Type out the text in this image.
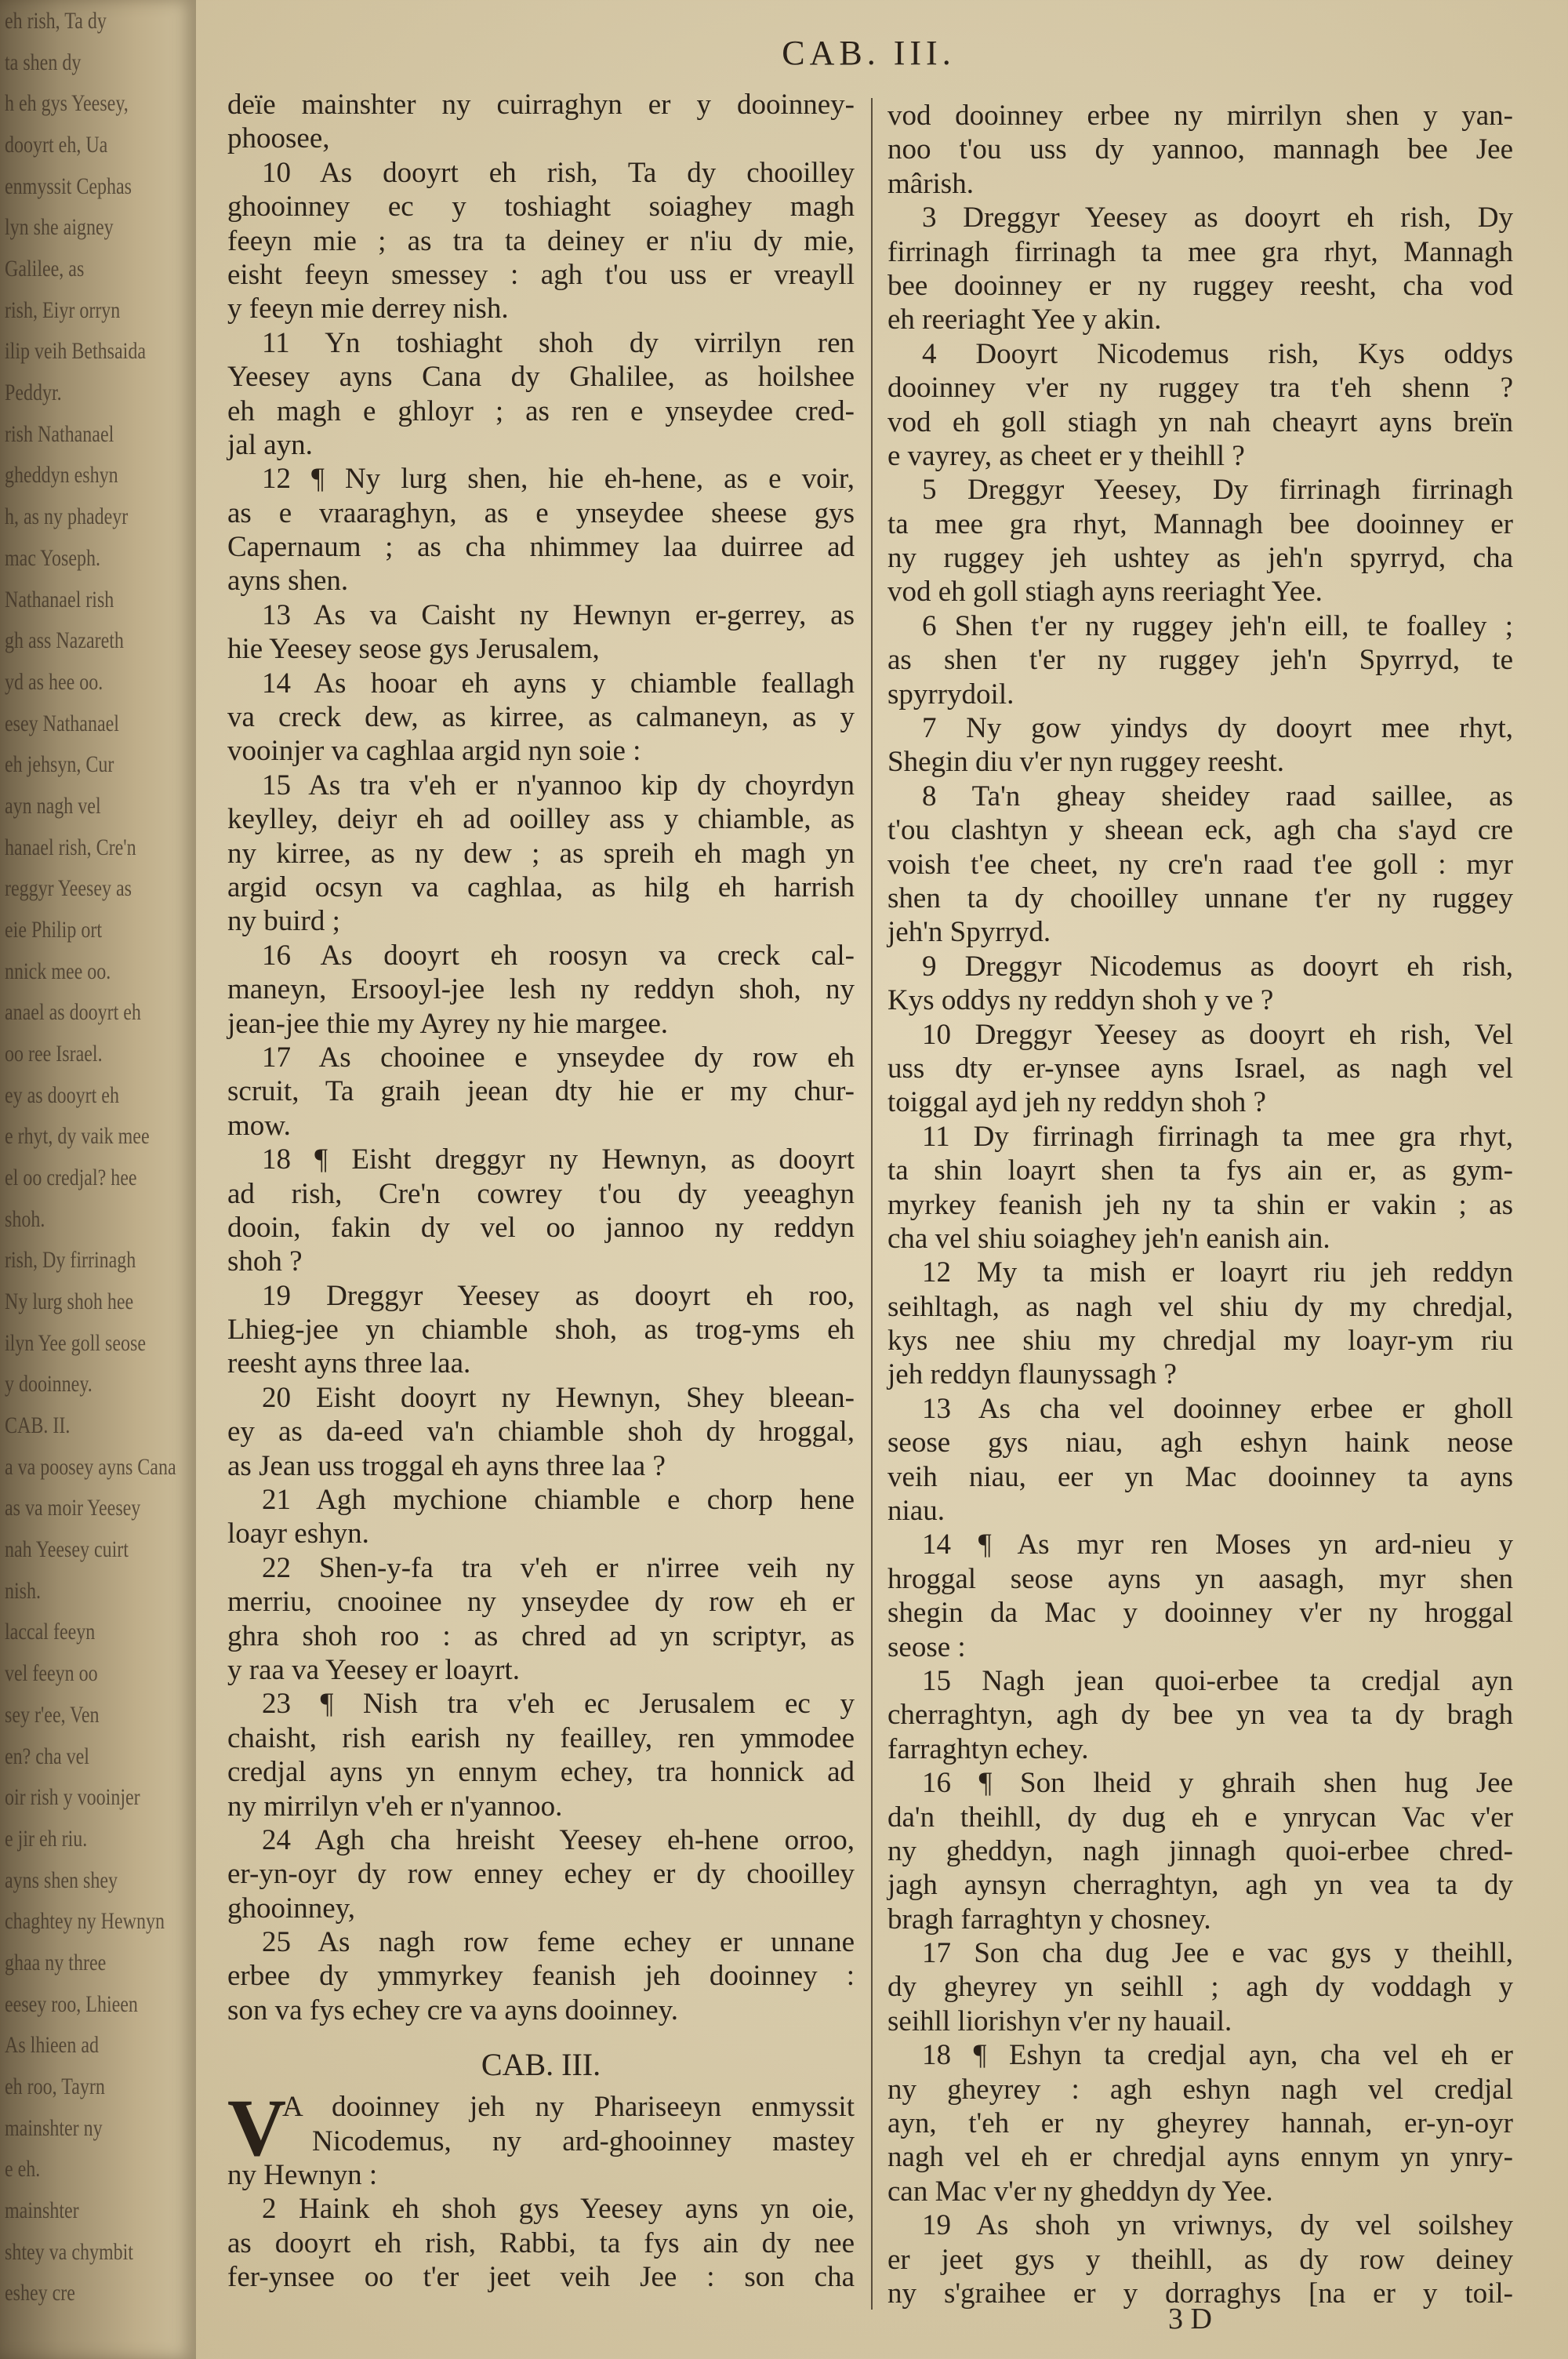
eh rish, Ta dy
ta shen dy
h eh gys Yeesey,
dooyrt eh, Ua
enmyssit Cephas
lyn she aigney
Galilee, as
rish, Eiyr orryn
ilip veih Bethsaida
Peddyr.
rish Nathanael
gheddyn eshyn
h, as ny phadeyr
mac Yoseph.
Nathanael rish
gh ass Nazareth
yd as hee oo.
esey Nathanael
eh jehsyn, Cur
ayn nagh vel
hanael rish, Cre'n
reggyr Yeesey as
eie Philip ort
nnick mee oo.
anael as dooyrt eh
oo ree Israel.
ey as dooyrt eh
e rhyt, dy vaik mee
el oo credjal? hee
shoh.
rish, Dy firrinagh
Ny lurg shoh hee
ilyn Yee goll seose
y dooinney.
CAB. II.
a va poosey ayns Cana
as va moir Yeesey
nah Yeesey cuirt
nish.
laccal feeyn
vel feeyn oo
sey r'ee, Ven
en? cha vel
oir rish y vooinjer
e jir eh riu.
ayns shen shey
chaghtey ny Hewnyn
ghaa ny three
eesey roo, Lhieen
As lhieen ad
eh roo, Tayrn
mainshter ny
e eh.
mainshter
shtey va chymbit
eshey cre
CAB. III.
deïe mainshter ny cuirraghyn er y dooinney-
phoosee,
10 As dooyrt eh rish, Ta dy chooilley
ghooinney ec y toshiaght soiaghey magh
feeyn mie ; as tra ta deiney er n'iu dy mie,
eisht feeyn smessey : agh t'ou uss er vreayll
y feeyn mie derrey nish.
11 Yn toshiaght shoh dy virrilyn ren
Yeesey ayns Cana dy Ghalilee, as hoilshee
eh magh e ghloyr ; as ren e ynseydee cred-
jal ayn.
12 ¶ Ny lurg shen, hie eh-hene, as e voir,
as e vraaraghyn, as e ynseydee sheese gys
Capernaum ; as cha nhimmey laa duirree ad
ayns shen.
13 As va Caisht ny Hewnyn er-gerrey, as
hie Yeesey seose gys Jerusalem,
14 As hooar eh ayns y chiamble feallagh
va creck dew, as kirree, as calmaneyn, as y
vooinjer va caghlaa argid nyn soie :
15 As tra v'eh er n'yannoo kip dy choyrdyn
keylley, deiyr eh ad ooilley ass y chiamble, as
ny kirree, as ny dew ; as spreih eh magh yn
argid ocsyn va caghlaa, as hilg eh harrish
ny buird ;
16 As dooyrt eh roosyn va creck cal-
maneyn, Ersooyl-jee lesh ny reddyn shoh, ny
jean-jee thie my Ayrey ny hie margee.
17 As chooinee e ynseydee dy row eh
scruit, Ta graih jeean dty hie er my chur-
mow.
18 ¶ Eisht dreggyr ny Hewnyn, as dooyrt
ad rish, Cre'n cowrey t'ou dy yeeaghyn
dooin, fakin dy vel oo jannoo ny reddyn
shoh ?
19 Dreggyr Yeesey as dooyrt eh roo,
Lhieg-jee yn chiamble shoh, as trog-yms eh
reesht ayns three laa.
20 Eisht dooyrt ny Hewnyn, Shey bleean-
ey as da-eed va'n chiamble shoh dy hroggal,
as Jean uss troggal eh ayns three laa ?
21 Agh mychione chiamble e chorp hene
loayr eshyn.
22 Shen-y-fa tra v'eh er n'irree veih ny
merriu, cnooinee ny ynseydee dy row eh er
ghra shoh roo : as chred ad yn scriptyr, as
y raa va Yeesey er loayrt.
23 ¶ Nish tra v'eh ec Jerusalem ec y
chaisht, rish earish ny feailley, ren ymmodee
credjal ayns yn ennym echey, tra honnick ad
ny mirrilyn v'eh er n'yannoo.
24 Agh cha hreisht Yeesey eh-hene orroo,
er-yn-oyr dy row enney echey er dy chooilley
ghooinney,
25 As nagh row feme echey er unnane
erbee dy ymmyrkey feanish jeh dooinney :
son va fys echey cre va ayns dooinney.
CAB. III.
V
A dooinney jeh ny Phariseeyn enmyssit
Nicodemus, ny ard-ghooinney mastey
ny Hewnyn :
2 Haink eh shoh gys Yeesey ayns yn oie,
as dooyrt eh rish, Rabbi, ta fys ain dy nee
fer-ynsee oo t'er jeet veih Jee : son cha
vod dooinney erbee ny mirrilyn shen y yan-
noo t'ou uss dy yannoo, mannagh bee Jee
mârish.
3 Dreggyr Yeesey as dooyrt eh rish, Dy
firrinagh firrinagh ta mee gra rhyt, Mannagh
bee dooinney er ny ruggey reesht, cha vod
eh reeriaght Yee y akin.
4 Dooyrt Nicodemus rish, Kys oddys
dooinney v'er ny ruggey tra t'eh shenn ?
vod eh goll stiagh yn nah cheayrt ayns breïn
e vayrey, as cheet er y theihll ?
5 Dreggyr Yeesey, Dy firrinagh firrinagh
ta mee gra rhyt, Mannagh bee dooinney er
ny ruggey jeh ushtey as jeh'n spyrryd, cha
vod eh goll stiagh ayns reeriaght Yee.
6 Shen t'er ny ruggey jeh'n eill, te foalley ;
as shen t'er ny ruggey jeh'n Spyrryd, te
spyrrydoil.
7 Ny gow yindys dy dooyrt mee rhyt,
Shegin diu v'er nyn ruggey reesht.
8 Ta'n gheay sheidey raad saillee, as
t'ou clashtyn y sheean eck, agh cha s'ayd cre
voish t'ee cheet, ny cre'n raad t'ee goll : myr
shen ta dy chooilley unnane t'er ny ruggey
jeh'n Spyrryd.
9 Dreggyr Nicodemus as dooyrt eh rish,
Kys oddys ny reddyn shoh y ve ?
10 Dreggyr Yeesey as dooyrt eh rish, Vel
uss dty er-ynsee ayns Israel, as nagh vel
toiggal ayd jeh ny reddyn shoh ?
11 Dy firrinagh firrinagh ta mee gra rhyt,
ta shin loayrt shen ta fys ain er, as gym-
myrkey feanish jeh ny ta shin er vakin ; as
cha vel shiu soiaghey jeh'n eanish ain.
12 My ta mish er loayrt riu jeh reddyn
seihltagh, as nagh vel shiu dy my chredjal,
kys nee shiu my chredjal my loayr-ym riu
jeh reddyn flaunyssagh ?
13 As cha vel dooinney erbee er gholl
seose gys niau, agh eshyn haink neose
veih niau, eer yn Mac dooinney ta ayns
niau.
14 ¶ As myr ren Moses yn ard-nieu y
hroggal seose ayns yn aasagh, myr shen
shegin da Mac y dooinney v'er ny hroggal
seose :
15 Nagh jean quoi-erbee ta credjal ayn
cherraghtyn, agh dy bee yn vea ta dy bragh
farraghtyn echey.
16 ¶ Son lheid y ghraih shen hug Jee
da'n theihll, dy dug eh e ynrycan Vac v'er
ny gheddyn, nagh jinnagh quoi-erbee chred-
jagh aynsyn cherraghtyn, agh yn vea ta dy
bragh farraghtyn y chosney.
17 Son cha dug Jee e vac gys y theihll,
dy gheyrey yn seihll ; agh dy voddagh y
seihll liorishyn v'er ny hauail.
18 ¶ Eshyn ta credjal ayn, cha vel eh er
ny gheyrey : agh eshyn nagh vel credjal
ayn, t'eh er ny gheyrey hannah, er-yn-oyr
nagh vel eh er chredjal ayns ennym yn ynry-
can Mac v'er ny gheddyn dy Yee.
19 As shoh yn vriwnys, dy vel soilshey
er jeet gys y theihll, as dy row deiney
ny s'graihee er y dorraghys [na er y toil-
3 D
